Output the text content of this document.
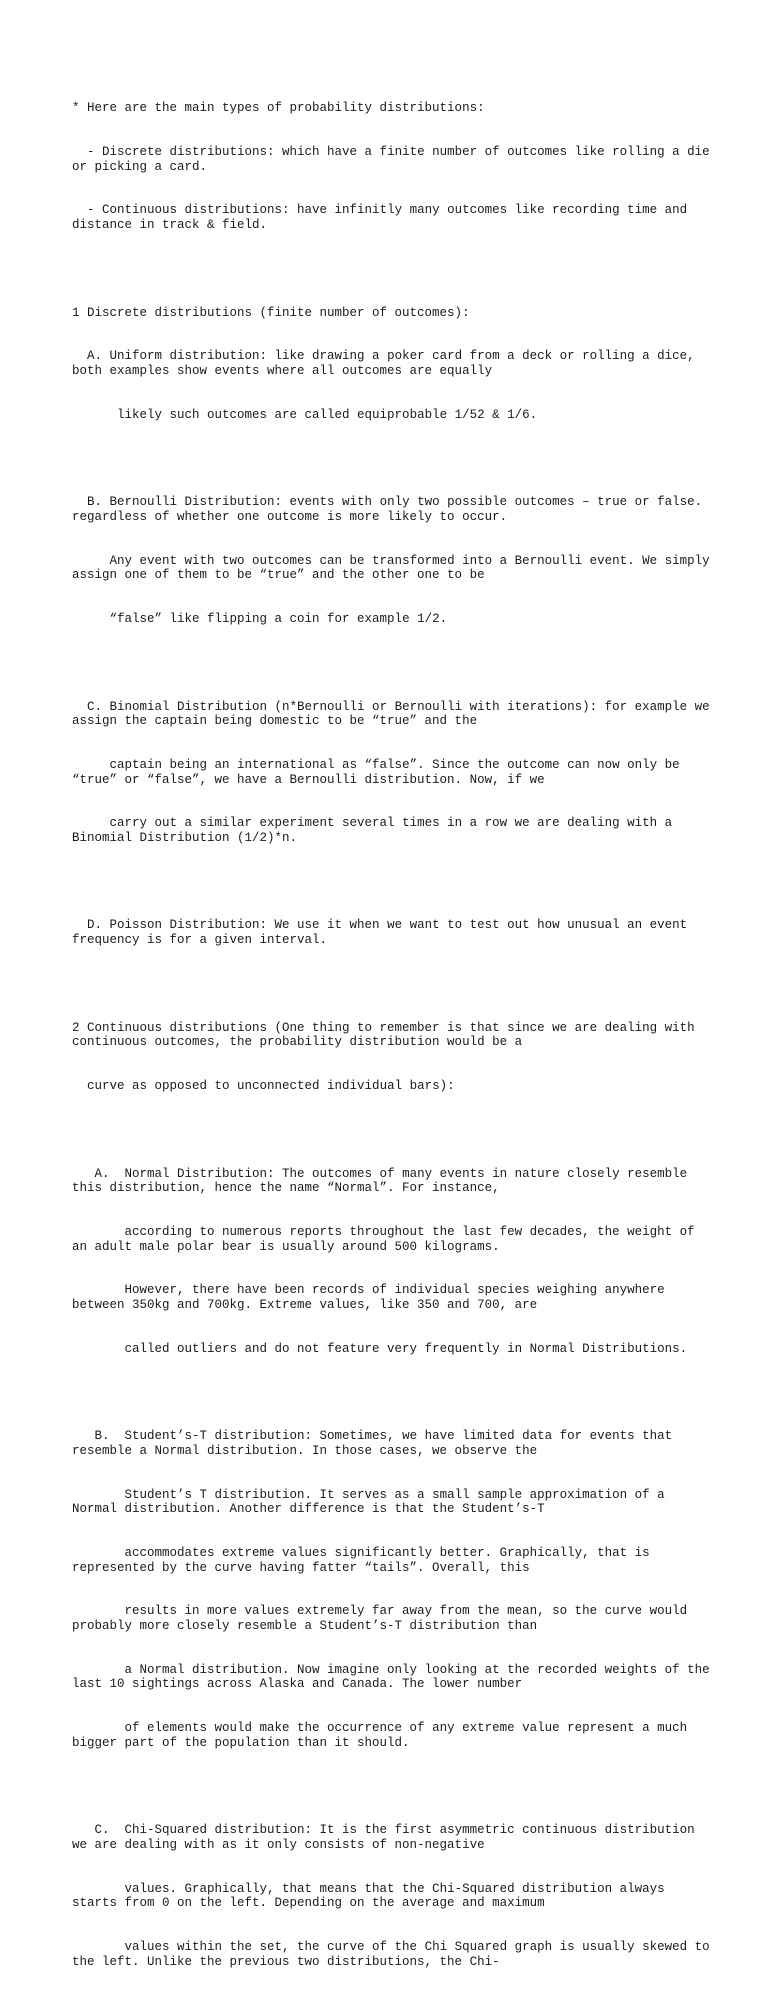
* Here are the main types of probability distributions:

- Discrete distributions: which have a finite number of outcomes like rolling a die or picking a card.

- Continuous distributions: have infinitly many outcomes like recording time and distance in track & field.

1 Discrete distributions (finite number of outcomes):

A. Uniform distribution: like drawing a poker card from a deck or rolling a dice, both examples show events where all outcomes are equally

likely such outcomes are called equiprobable 1/52 & 1/6.

B. Bernoulli Distribution: events with only two possible outcomes – true or false. regardless of whether one outcome is more likely to occur.

Any event with two outcomes can be transformed into a Bernoulli event. We simply assign one of them to be “true” and the other one to be

“false” like flipping a coin for example 1/2.

C. Binomial Distribution (n*Bernoulli or Bernoulli with iterations): for example we assign the captain being domestic to be “true” and the

captain being an international as “false”. Since the outcome can now only be “true” or “false”, we have a Bernoulli distribution. Now, if we

carry out a similar experiment several times in a row we are dealing with a Binomial Distribution (1/2)*n.

D. Poisson Distribution: We use it when we want to test out how unusual an event frequency is for a given interval.

2 Continuous distributions (One thing to remember is that since we are dealing with continuous outcomes, the probability distribution would be a

curve as opposed to unconnected individual bars):

A.  Normal Distribution: The outcomes of many events in nature closely resemble this distribution, hence the name “Normal”. For instance,

according to numerous reports throughout the last few decades, the weight of an adult male polar bear is usually around 500 kilograms.

However, there have been records of individual species weighing anywhere between 350kg and 700kg. Extreme values, like 350 and 700, are

called outliers and do not feature very frequently in Normal Distributions.

B.  Student’s-T distribution: Sometimes, we have limited data for events that resemble a Normal distribution. In those cases, we observe the

Student’s T distribution. It serves as a small sample approximation of a Normal distribution. Another difference is that the Student’s-T

accommodates extreme values significantly better. Graphically, that is represented by the curve having fatter “tails”. Overall, this

results in more values extremely far away from the mean, so the curve would probably more closely resemble a Student’s-T distribution than

a Normal distribution. Now imagine only looking at the recorded weights of the last 10 sightings across Alaska and Canada. The lower number

of elements would make the occurrence of any extreme value represent a much bigger part of the population than it should.

C.  Chi-Squared distribution: It is the first asymmetric continuous distribution we are dealing with as it only consists of non-negative

values. Graphically, that means that the Chi-Squared distribution always starts from 0 on the left. Depending on the average and maximum

values within the set, the curve of the Chi Squared graph is usually skewed to the left. Unlike the previous two distributions, the Chi-
